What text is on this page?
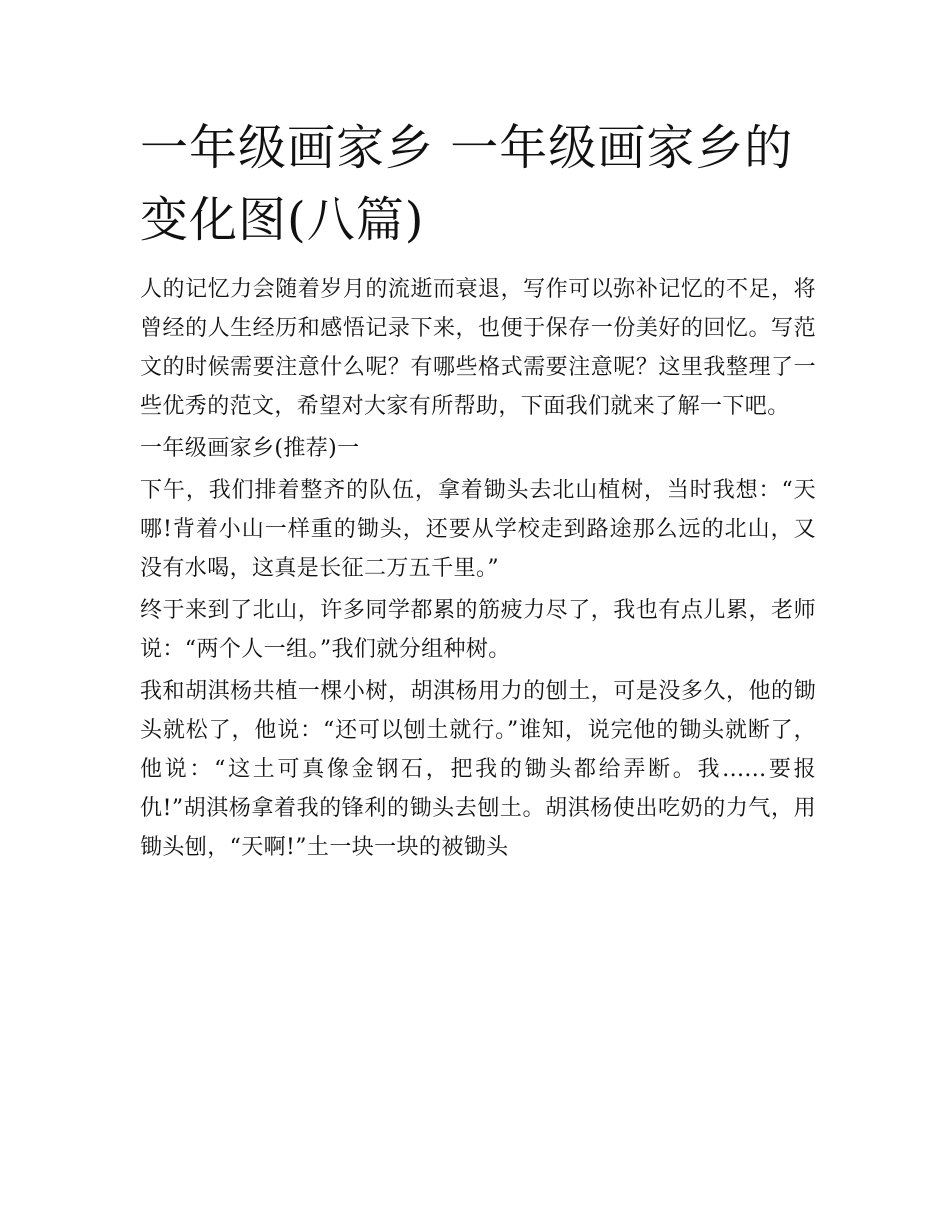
一年级画家乡 一年级画家乡的变化图(八篇)

人的记忆力会随着岁月的流逝而衰退，写作可以弥补记忆的不足，将曾经的人生经历和感悟记录下来，也便于保存一份美好的回忆。写范文的时候需要注意什么呢？有哪些格式需要注意呢？这里我整理了一些优秀的范文，希望对大家有所帮助，下面我们就来了解一下吧。

一年级画家乡(推荐)一

下午，我们排着整齐的队伍，拿着锄头去北山植树，当时我想：“天哪!背着小山一样重的锄头，还要从学校走到路途那么远的北山，又没有水喝，这真是长征二万五千里。”

终于来到了北山，许多同学都累的筋疲力尽了，我也有点儿累，老师说：“两个人一组。”我们就分组种树。

我和胡淇杨共植一棵小树，胡淇杨用力的刨土，可是没多久，他的锄头就松了，他说：“还可以刨土就行。”谁知，说完他的锄头就断了，他说：“这土可真像金钢石，把我的锄头都给弄断。我......要报仇!”胡淇杨拿着我的锋利的锄头去刨土。胡淇杨使出吃奶的力气，用锄头刨，“天啊!”土一块一块的被锄头
